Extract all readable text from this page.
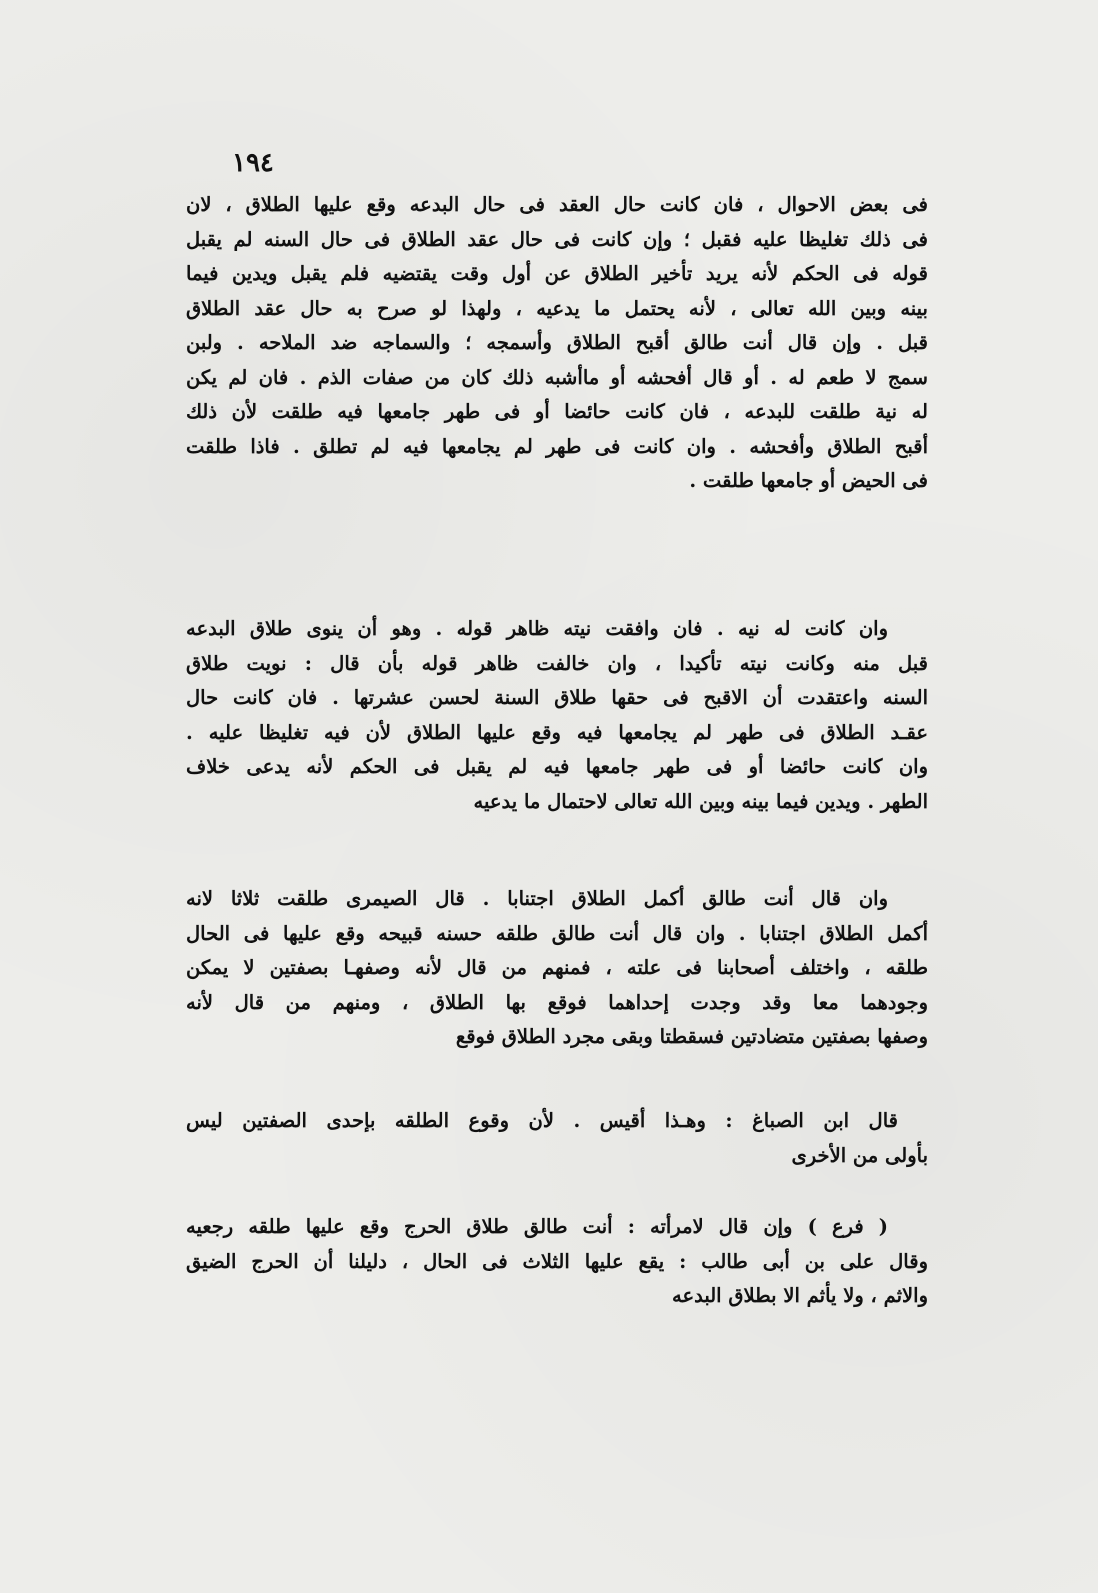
١٩٤
فى بعض الاحوال ، فان كانت حال العقد فى حال البدعه وقع عليها الطلاق ، لان
فى ذلك تغليظا عليه فقبل ؛ وإن كانت فى حال عقد الطلاق فى حال السنه لم يقبل
قوله فى الحكم لأنه يريد تأخير الطلاق عن أول وقت يقتضيه فلم يقبل ويدين فيما
بينه وبين الله تعالى ، لأنه يحتمل ما يدعيه ، ولهذا لو صرح به حال عقد الطلاق
قبل . وإن قال أنت طالق أقبح الطلاق وأسمجه ؛ والسماجه ضد الملاحه . ولبن
سمج لا طعم له . أو قال أفحشه أو ماأشبه ذلك كان من صفات الذم . فان لم يكن
له نية طلقت للبدعه ، فان كانت حائضا أو فى طهر جامعها فيه طلقت لأن ذلك
أقبح الطلاق وأفحشه . وان كانت فى طهر لم يجامعها فيه لم تطلق . فاذا طلقت
فى الحيض أو جامعها طلقت .
وان كانت له نيه . فان وافقت نيته ظاهر قوله . وهو أن ينوى طلاق البدعه
قبل منه وكانت نيته تأكيدا ، وان خالفت ظاهر قوله بأن قال : نويت طلاق
السنه واعتقدت أن الاقبح فى حقها طلاق السنة لحسن عشرتها . فان كانت حال
عقـد الطلاق فى طهر لم يجامعها فيه وقع عليها الطلاق لأن فيه تغليظا عليه .
وان كانت حائضا أو فى طهر جامعها فيه لم يقبل فى الحكم لأنه يدعى خلاف
الطهر . ويدين فيما بينه وبين الله تعالى لاحتمال ما يدعيه
وان قال أنت طالق أكمل الطلاق اجتنابا . قال الصيمرى طلقت ثلاثا لانه
أكمل الطلاق اجتنابا . وان قال أنت طالق طلقه حسنه قبيحه وقع عليها فى الحال
طلقه ، واختلف أصحابنا فى علته ، فمنهم من قال لأنه وصفهـا بصفتين لا يمكن
وجودهما معا وقد وجدت إحداهما فوقع بها الطلاق ، ومنهم من قال لأنه
وصفها بصفتين متضادتين فسقطتا وبقى مجرد الطلاق فوقع
قال ابن الصباغ : وهـذا أقيس . لأن وقوع الطلقه بإحدى الصفتين ليس
بأولى من الأخرى
( فرع ) وإن قال لامرأته : أنت طالق طلاق الحرج وقع عليها طلقه رجعيه
وقال على بن أبى طالب : يقع عليها الثلاث فى الحال ، دليلنا أن الحرج الضيق
والاثم ، ولا يأثم الا بطلاق البدعه
